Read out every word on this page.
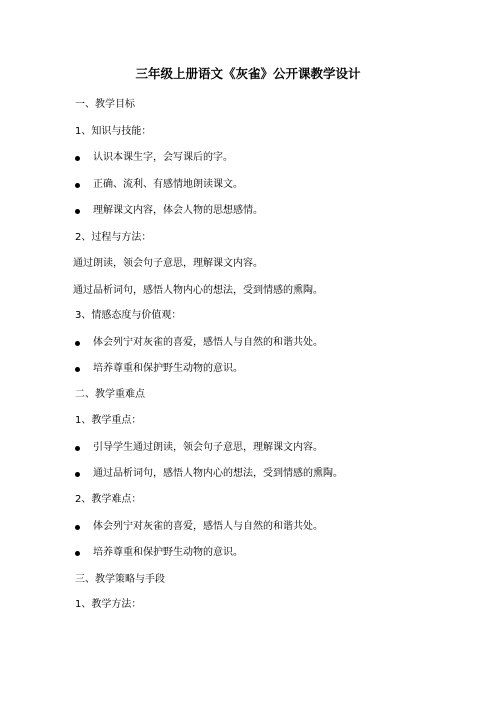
三年级上册语文《灰雀》公开课教学设计
一、教学目标
1、知识与技能：
认识本课生字，会写课后的字。
正确、流利、有感情地朗读课文。
理解课文内容，体会人物的思想感情。
2、过程与方法：
通过朗读，领会句子意思，理解课文内容。
通过品析词句，感悟人物内心的想法，受到情感的熏陶。
3、情感态度与价值观：
体会列宁对灰雀的喜爱，感悟人与自然的和谐共处。
培养尊重和保护野生动物的意识。
二、教学重难点
1、教学重点：
引导学生通过朗读，领会句子意思，理解课文内容。
通过品析词句，感悟人物内心的想法，受到情感的熏陶。
2、教学难点：
体会列宁对灰雀的喜爱，感悟人与自然的和谐共处。
培养尊重和保护野生动物的意识。
三、教学策略与手段
1、教学方法：
